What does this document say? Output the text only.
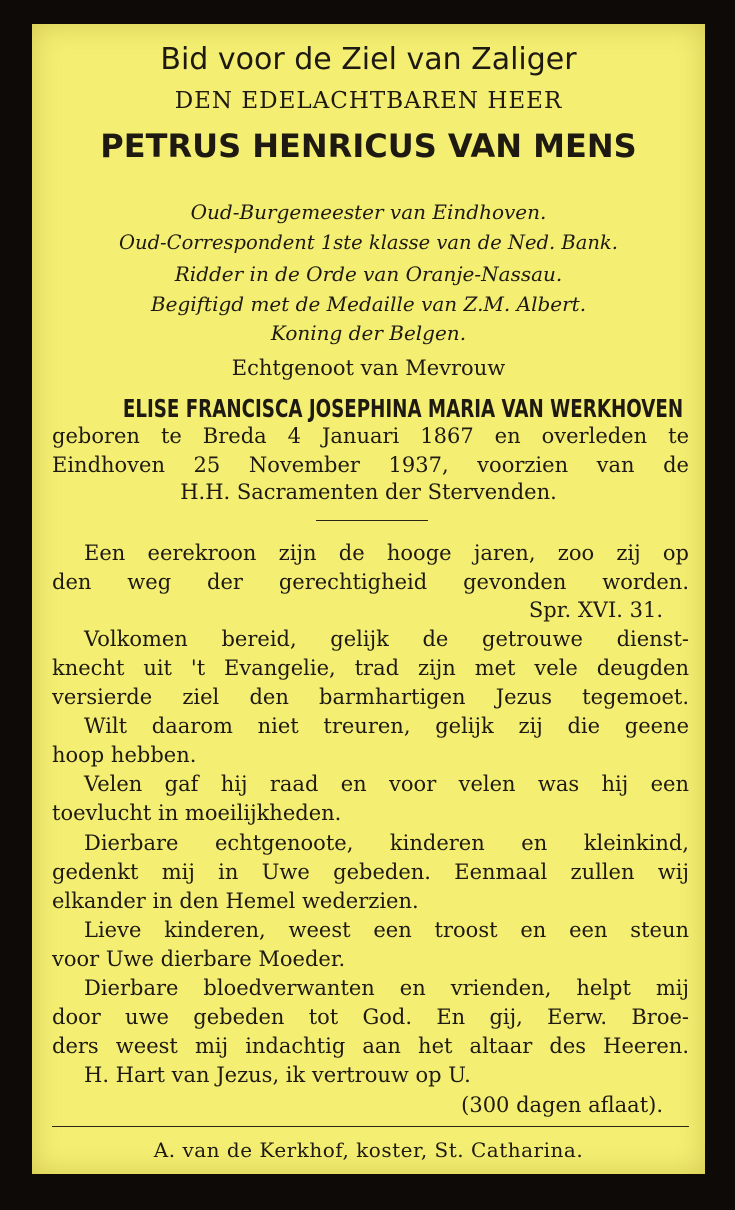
Bid voor de Ziel van Zaliger
DEN EDELACHTBAREN HEER
PETRUS HENRICUS VAN MENS
Oud-Burgemeester van Eindhoven.
Oud-Correspondent 1ste klasse van de Ned. Bank.
Ridder in de Orde van Oranje-Nassau.
Begiftigd met de Medaille van Z.M. Albert.
Koning der Belgen.
Echtgenoot van Mevrouw
ELISE FRANCISCA JOSEPHINA MARIA VAN WERKHOVEN
geboren te Breda 4 Januari 1867 en overleden te
Eindhoven 25 November 1937, voorzien van de
H.H. Sacramenten der Stervenden.
Een eerekroon zijn de hooge jaren, zoo zij op
den weg der gerechtigheid gevonden worden.
Spr. XVI. 31.
Volkomen bereid, gelijk de getrouwe dienst-
knecht uit 't Evangelie, trad zijn met vele deugden
versierde ziel den barmhartigen Jezus tegemoet.
Wilt daarom niet treuren, gelijk zij die geene
hoop hebben.
Velen gaf hij raad en voor velen was hij een
toevlucht in moeilijkheden.
Dierbare echtgenoote, kinderen en kleinkind,
gedenkt mij in Uwe gebeden. Eenmaal zullen wij
elkander in den Hemel wederzien.
Lieve kinderen, weest een troost en een steun
voor Uwe dierbare Moeder.
Dierbare bloedverwanten en vrienden, helpt mij
door uwe gebeden tot God. En gij, Eerw. Broe-
ders weest mij indachtig aan het altaar des Heeren.
H. Hart van Jezus, ik vertrouw op U.
(300 dagen aflaat).
A. van de Kerkhof, koster, St. Catharina.
